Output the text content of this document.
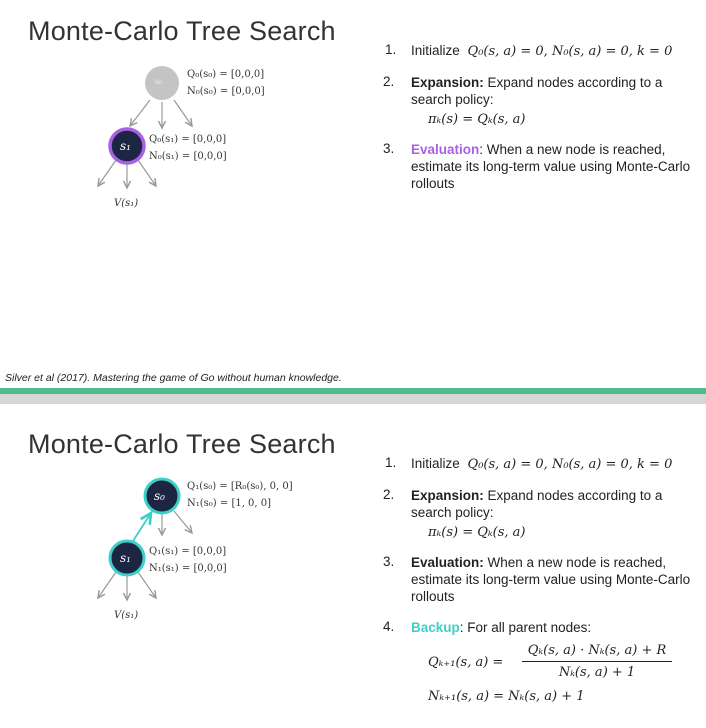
Monte-Carlo Tree Search
s₀
s₁
Q₀(s₀) = [0,0,0]
N₀(s₀) = [0,0,0]
Q₀(s₁) = [0,0,0]
N₀(s₁) = [0,0,0]
V(s₁)
1. Initialize Q₀(s, a) = 0, N₀(s, a) = 0, k = 0
2. Expansion: Expand nodes according to a search policy:
πₖ(s) = Qₖ(s, a)
3. Evaluation: When a new node is reached, estimate its long-term value using Monte-Carlo rollouts
Silver et al (2017). Mastering the game of Go without human knowledge.
Monte-Carlo Tree Search
s₀
s₁
Q₁(s₀) = [R₀(s₀), 0, 0]
N₁(s₀) = [1, 0, 0]
Q₁(s₁) = [0,0,0]
N₁(s₁) = [0,0,0]
V(s₁)
1. Initialize Q₀(s, a) = 0, N₀(s, a) = 0, k = 0
2. Expansion: Expand nodes according to a search policy:
πₖ(s) = Qₖ(s, a)
3. Evaluation: When a new node is reached, estimate its long-term value using Monte-Carlo rollouts
4. Backup: For all parent nodes:
Qₖ₊₁(s, a) =
Qₖ(s, a) · Nₖ(s, a) + R
Nₖ(s, a) + 1
Nₖ₊₁(s, a) = Nₖ(s, a) + 1
